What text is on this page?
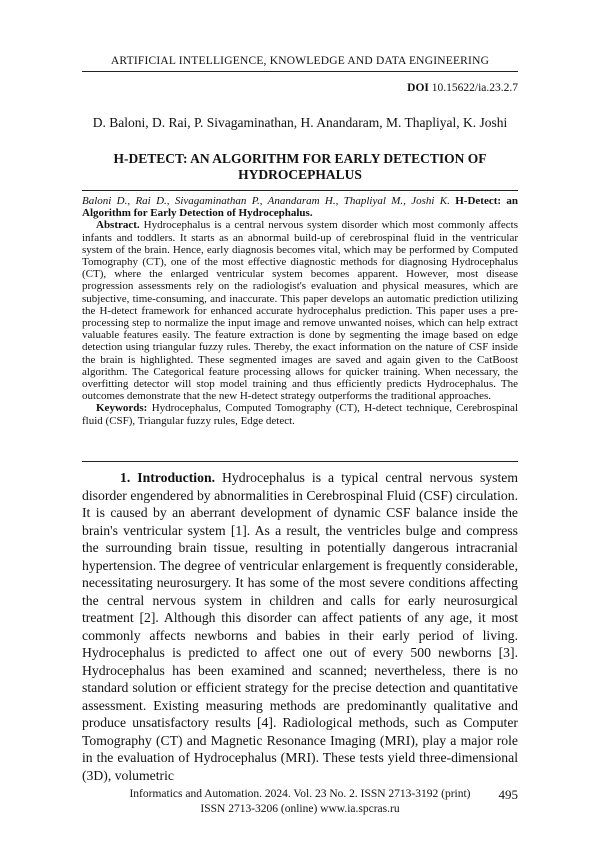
ARTIFICIAL INTELLIGENCE, KNOWLEDGE AND DATA ENGINEERING
DOI 10.15622/ia.23.2.7
D. Baloni, D. Rai, P. Sivagaminathan, H. Anandaram, M. Thapliyal, K. Joshi
H-DETECT: AN ALGORITHM FOR EARLY DETECTION OF
HYDROCEPHALUS

Baloni D., Rai D., Sivagaminathan P., Anandaram H., Thapliyal M., Joshi K. H-Detect: an Algorithm for Early Detection of Hydrocephalus.

Abstract. Hydrocephalus is a central nervous system disorder which most commonly affects infants and toddlers. It starts as an abnormal build-up of cerebrospinal fluid in the ventricular system of the brain. Hence, early diagnosis becomes vital, which may be performed by Computed Tomography (CT), one of the most effective diagnostic methods for diagnosing Hydrocephalus (CT), where the enlarged ventricular system becomes apparent. However, most disease progression assessments rely on the radiologist's evaluation and physical measures, which are subjective, time-consuming, and inaccurate. This paper develops an automatic prediction utilizing the H-detect framework for enhanced accurate hydrocephalus prediction. This paper uses a pre-processing step to normalize the input image and remove unwanted noises, which can help extract valuable features easily. The feature extraction is done by segmenting the image based on edge detection using triangular fuzzy rules. Thereby, the exact information on the nature of CSF inside the brain is highlighted. These segmented images are saved and again given to the CatBoost algorithm. The Categorical feature processing allows for quicker training. When necessary, the overfitting detector will stop model training and thus efficiently predicts Hydrocephalus. The outcomes demonstrate that the new H-detect strategy outperforms the traditional approaches.

Keywords: Hydrocephalus, Computed Tomography (CT), H-detect technique, Cerebrospinal fluid (CSF), Triangular fuzzy rules, Edge detect.

1. Introduction. Hydrocephalus is a typical central nervous system disorder engendered by abnormalities in Cerebrospinal Fluid (CSF) circulation. It is caused by an aberrant development of dynamic CSF balance inside the brain's ventricular system [1]. As a result, the ventricles bulge and compress the surrounding brain tissue, resulting in potentially dangerous intracranial hypertension. The degree of ventricular enlargement is frequently considerable, necessitating neurosurgery. It has some of the most severe conditions affecting the central nervous system in children and calls for early neurosurgical treatment [2]. Although this disorder can affect patients of any age, it most commonly affects newborns and babies in their early period of living. Hydrocephalus is predicted to affect one out of every 500 newborns [3]. Hydrocephalus has been examined and scanned; nevertheless, there is no standard solution or efficient strategy for the precise detection and quantitative assessment. Existing measuring methods are predominantly qualitative and produce unsatisfactory results [4]. Radiological methods, such as Computer Tomography (CT) and Magnetic Resonance Imaging (MRI), play a major role in the evaluation of Hydrocephalus (MRI). These tests yield three-dimensional (3D), volumetric

Informatics and Automation. 2024. Vol. 23 No. 2. ISSN 2713-3192 (print)
ISSN 2713-3206 (online) www.ia.spcras.ru
495
